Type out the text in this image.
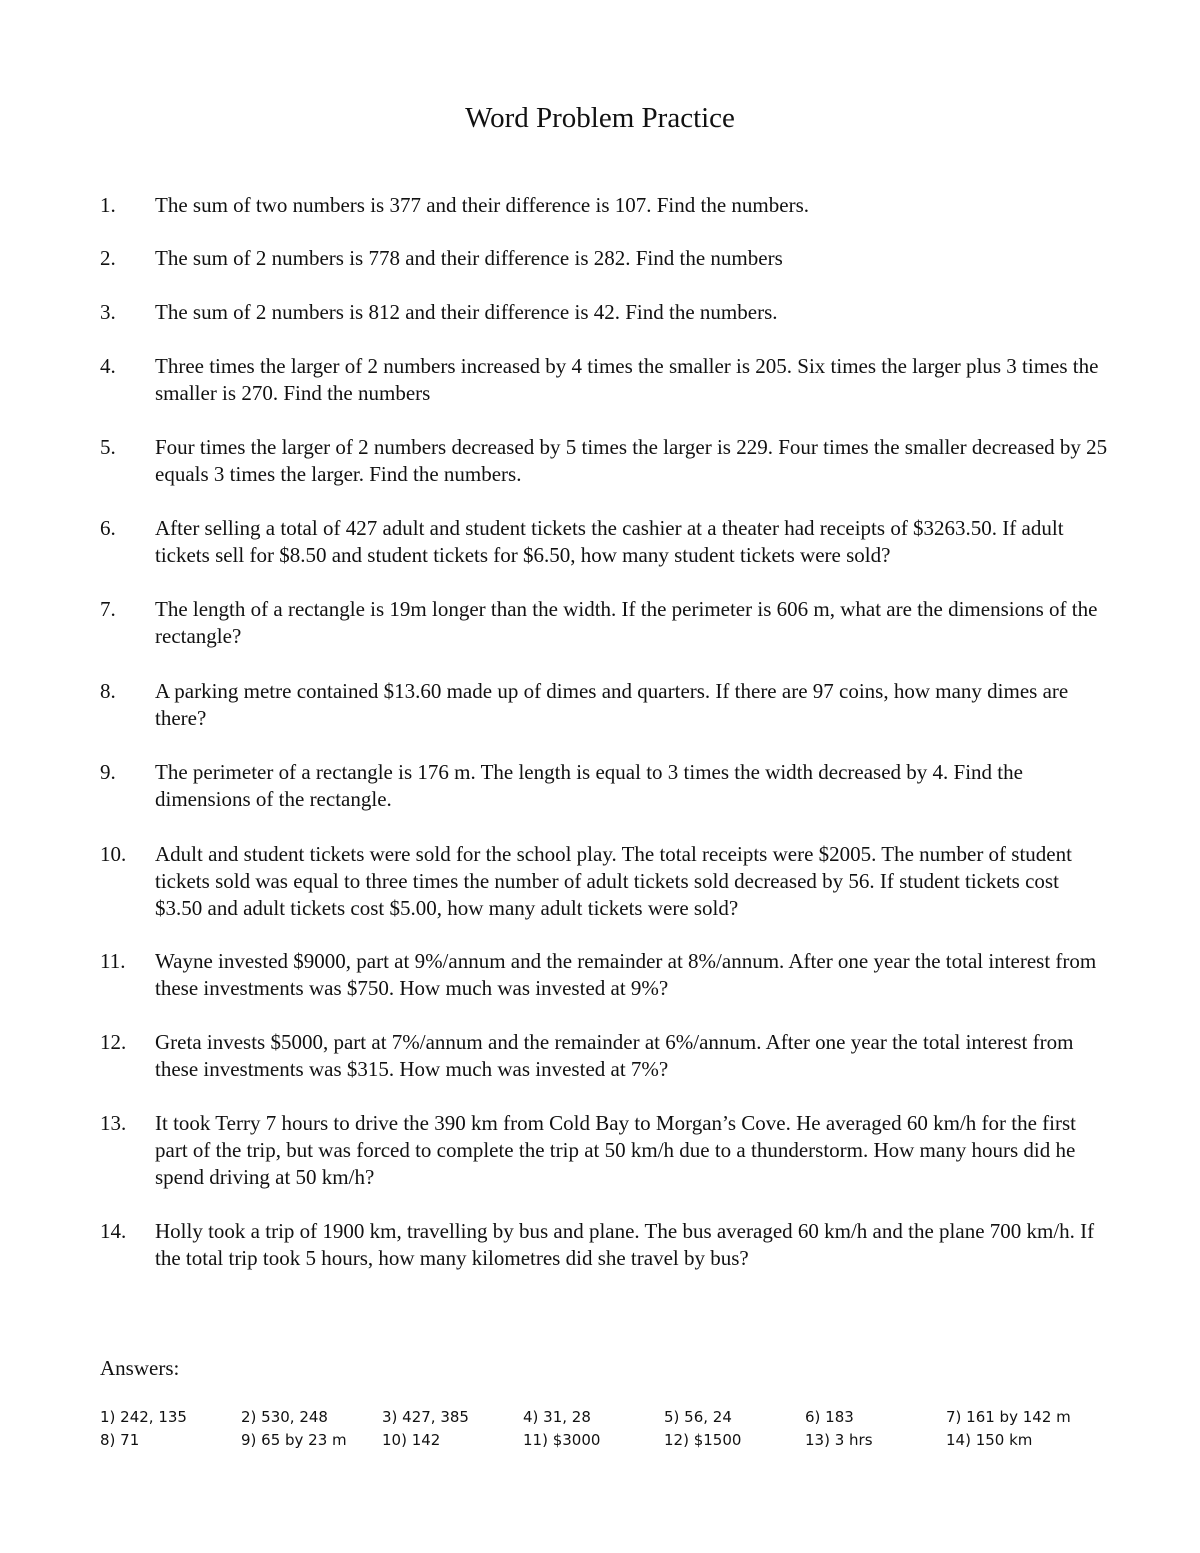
Word Problem Practice
1. The sum of two numbers is 377 and their difference is 107. Find the numbers.
2. The sum of 2 numbers is 778 and their difference is 282. Find the numbers
3. The sum of 2 numbers is 812 and their difference is 42. Find the numbers.
4. Three times the larger of 2 numbers increased by 4 times the smaller is 205. Six times the larger plus 3 times the smaller is 270. Find the numbers
5. Four times the larger of 2 numbers decreased by 5 times the larger is 229. Four times the smaller decreased by 25 equals 3 times the larger. Find the numbers.
6. After selling a total of 427 adult and student tickets the cashier at a theater had receipts of $3263.50. If adult tickets sell for $8.50 and student tickets for $6.50, how many student tickets were sold?
7. The length of a rectangle is 19m longer than the width. If the perimeter is 606 m, what are the dimensions of the rectangle?
8. A parking metre contained $13.60 made up of dimes and quarters. If there are 97 coins, how many dimes are there?
9. The perimeter of a rectangle is 176 m. The length is equal to 3 times the width decreased by 4. Find the dimensions of the rectangle.
10. Adult and student tickets were sold for the school play. The total receipts were $2005. The number of student tickets sold was equal to three times the number of adult tickets sold decreased by 56. If student tickets cost $3.50 and adult tickets cost $5.00, how many adult tickets were sold?
11. Wayne invested $9000, part at 9%/annum and the remainder at 8%/annum. After one year the total interest from these investments was $750. How much was invested at 9%?
12. Greta invests $5000, part at 7%/annum and the remainder at 6%/annum. After one year the total interest from these investments was $315. How much was invested at 7%?
13. It took Terry 7 hours to drive the 390 km from Cold Bay to Morgan’s Cove. He averaged 60 km/h for the first part of the trip, but was forced to complete the trip at 50 km/h due to a thunderstorm. How many hours did he spend driving at 50 km/h?
14. Holly took a trip of 1900 km, travelling by bus and plane. The bus averaged 60 km/h and the plane 700 km/h. If the total trip took 5 hours, how many kilometres did she travel by bus?
Answers:
1) 242, 135	2) 530, 248	3) 427, 385	4) 31, 28	5) 56, 24	6) 183	7) 161 by 142 m
8) 71	9) 65 by 23 m 10) 142	11) $3000	12) $1500	13) 3 hrs	14) 150 km
